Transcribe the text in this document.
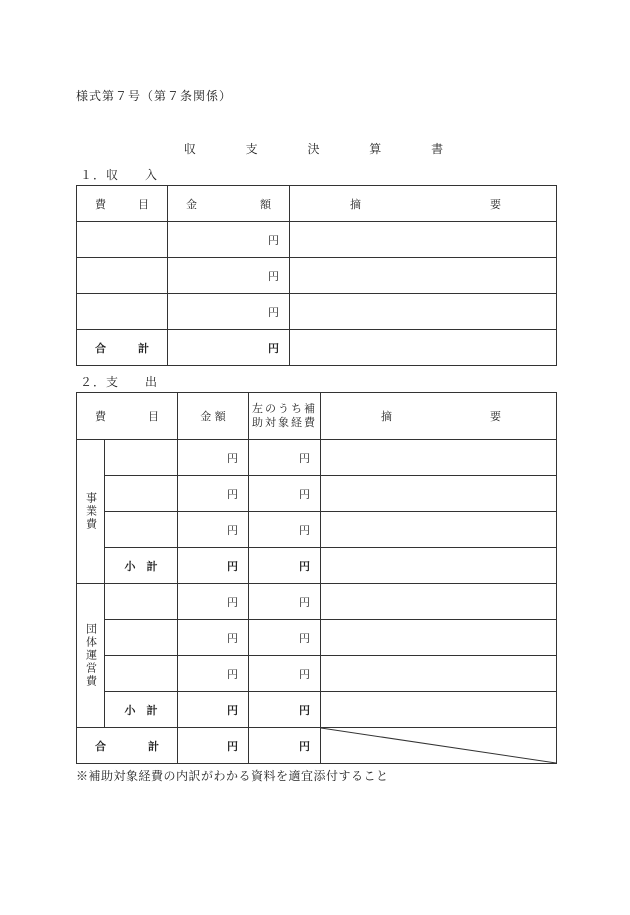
様式第７号（第７条関係）
収 支 決 算 書
１．収　　入
費 目	金 額	摘 要

	円	
	円	
	円	

合 計	円	
２．支　　出
費 目		金 額	左のうち補助対象経費	摘 要

事業費		円	円	
		円	円	
		円	円	
	小　計	円	円	

団体運営費		円	円	
		円	円	
		円	円	
	小　計	円	円	

合 計		円	円	
※補助対象経費の内訳がわかる資料を適宜添付すること
